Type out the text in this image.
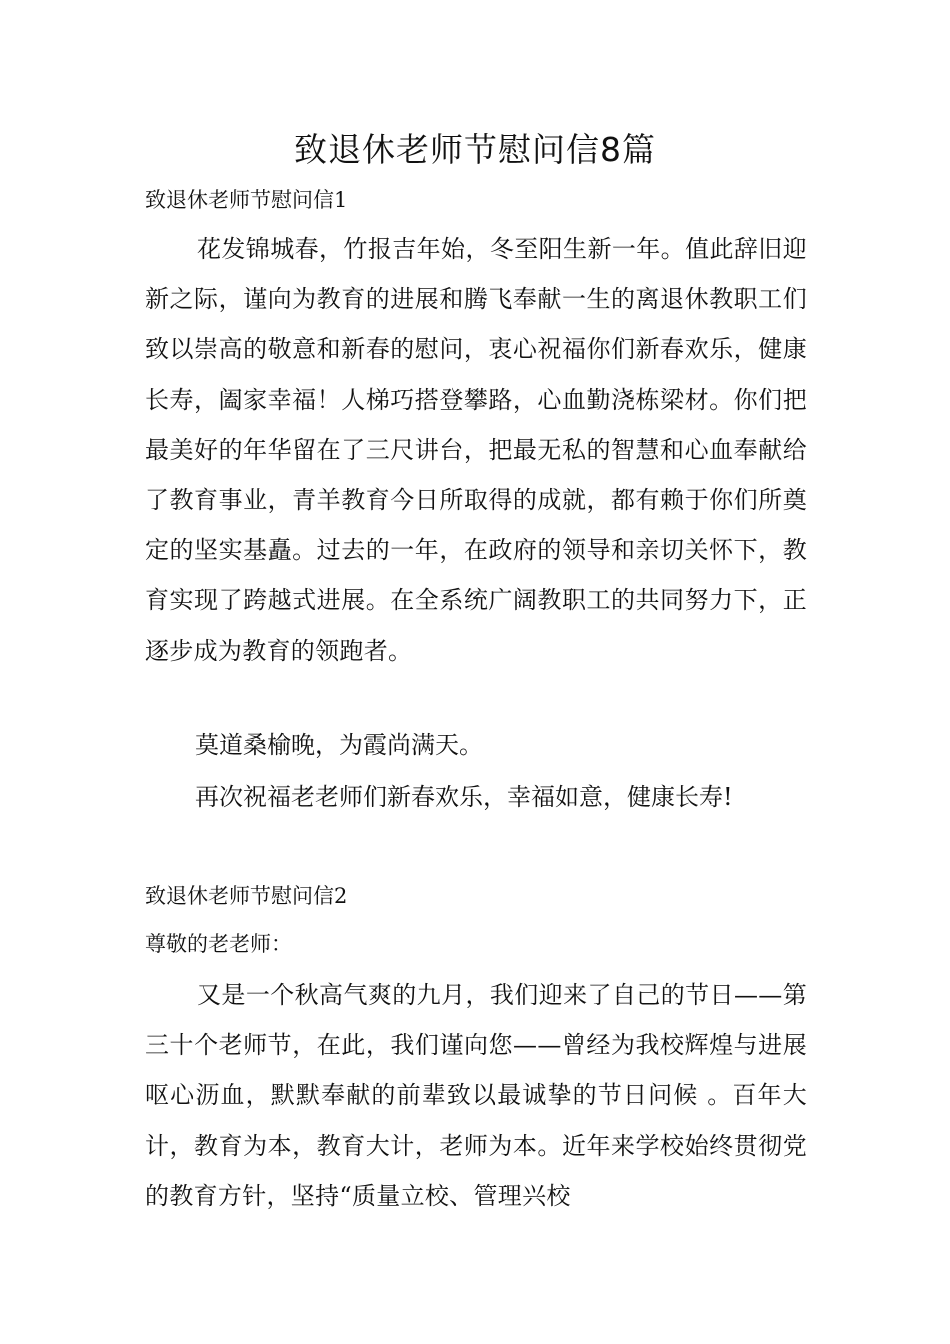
致退休老师节慰问信8篇

致退休老师节慰问信1

花发锦城春，竹报吉年始，冬至阳生新一年。值此辞旧迎新之际，谨向为教育的进展和腾飞奉献一生的离退休教职工们致以崇高的敬意和新春的慰问，衷心祝福你们新春欢乐，健康长寿，阖家幸福！人梯巧搭登攀路，心血勤浇栋梁材。你们把最美好的年华留在了三尺讲台，把最无私的智慧和心血奉献给了教育事业，青羊教育今日所取得的成就，都有赖于你们所奠定的坚实基矗。过去的一年，在政府的领导和亲切关怀下，教育实现了跨越式进展。在全系统广阔教职工的共同努力下，正逐步成为教育的领跑者。

莫道桑榆晚，为霞尚满天。

再次祝福老老师们新春欢乐，幸福如意，健康长寿!

致退休老师节慰问信2

尊敬的老老师：

又是一个秋高气爽的九月，我们迎来了自己的节日——第三十个老师节，在此，我们谨向您——曾经为我校辉煌与进展呕心沥血，默默奉献的前辈致以最诚挚的节日问候 。百年大计，教育为本，教育大计，老师为本。近年来学校始终贯彻党的教育方针，坚持“质量立校、管理兴校
